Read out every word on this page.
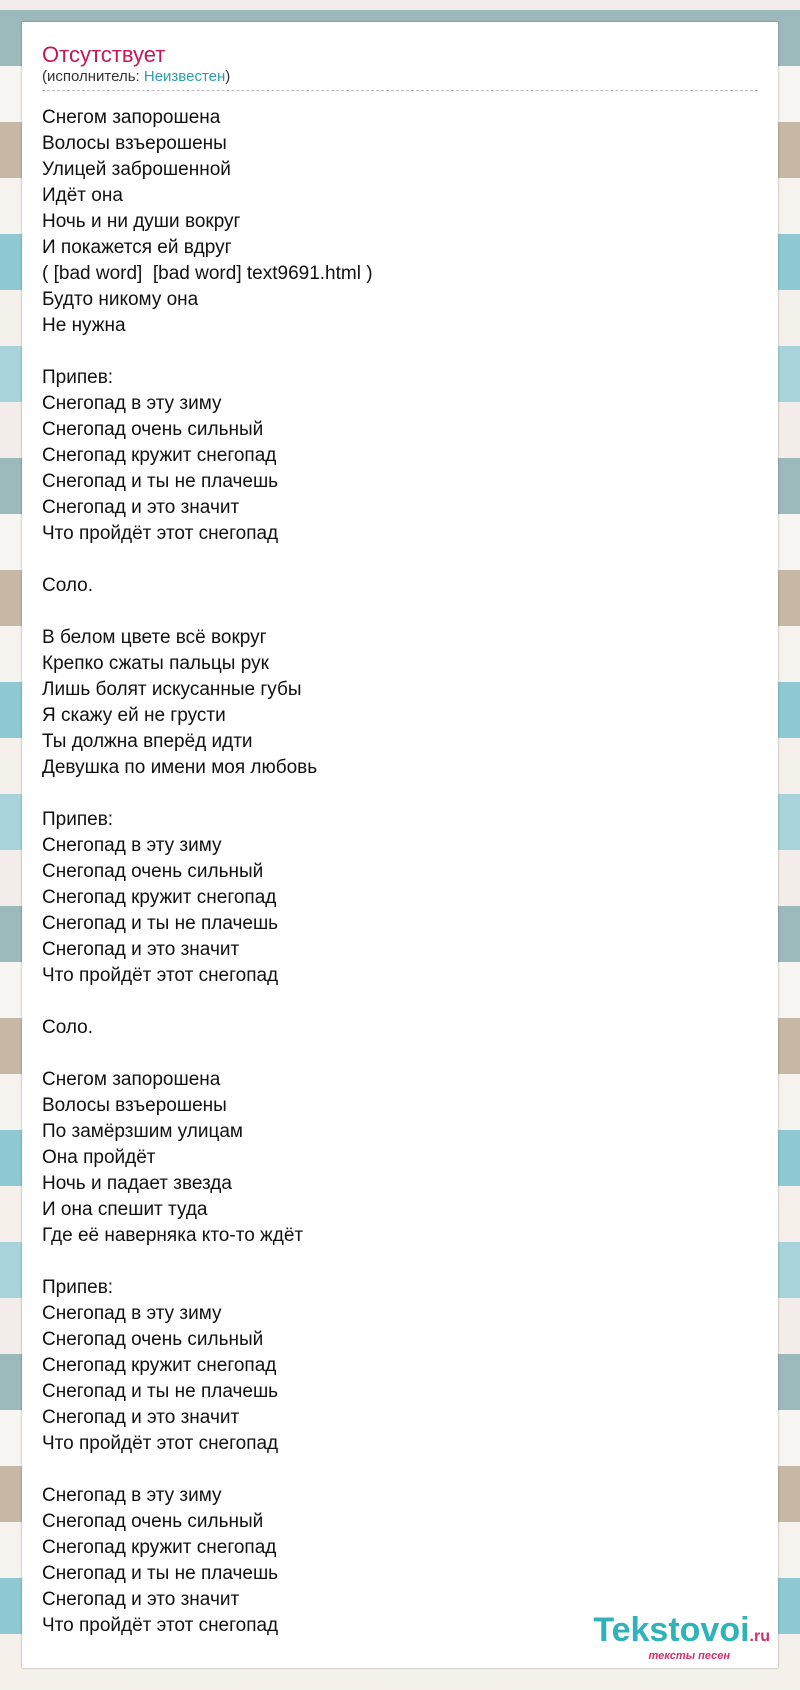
Отсутствует
(исполнитель: Неизвестен)
Снегом запорошена
Волосы взъерошены
Улицей заброшенной
Идёт она
Ночь и ни души вокруг
И покажется ей вдруг
( [bad word]  [bad word] text9691.html )
Будто никому она
Не нужна
Припев:
Снегопад в эту зиму
Снегопад очень сильный
Снегопад кружит снегопад
Снегопад и ты не плачешь
Снегопад и это значит
Что пройдёт этот снегопад
Соло.
В белом цвете всё вокруг
Крепко сжаты пальцы рук
Лишь болят искусанные губы
Я скажу ей не грусти
Ты должна вперёд идти
Девушка по имени моя любовь
Припев:
Снегопад в эту зиму
Снегопад очень сильный
Снегопад кружит снегопад
Снегопад и ты не плачешь
Снегопад и это значит
Что пройдёт этот снегопад
Соло.
Снегом запорошена
Волосы взъерошены
По замёрзшим улицам
Она пройдёт
Ночь и падает звезда
И она спешит туда
Где её наверняка кто-то ждёт
Припев:
Снегопад в эту зиму
Снегопад очень сильный
Снегопад кружит снегопад
Снегопад и ты не плачешь
Снегопад и это значит
Что пройдёт этот снегопад
Снегопад в эту зиму
Снегопад очень сильный
Снегопад кружит снегопад
Снегопад и ты не плачешь
Снегопад и это значит
Что пройдёт этот снегопад	Tekstovoi.ru
тексты песен
